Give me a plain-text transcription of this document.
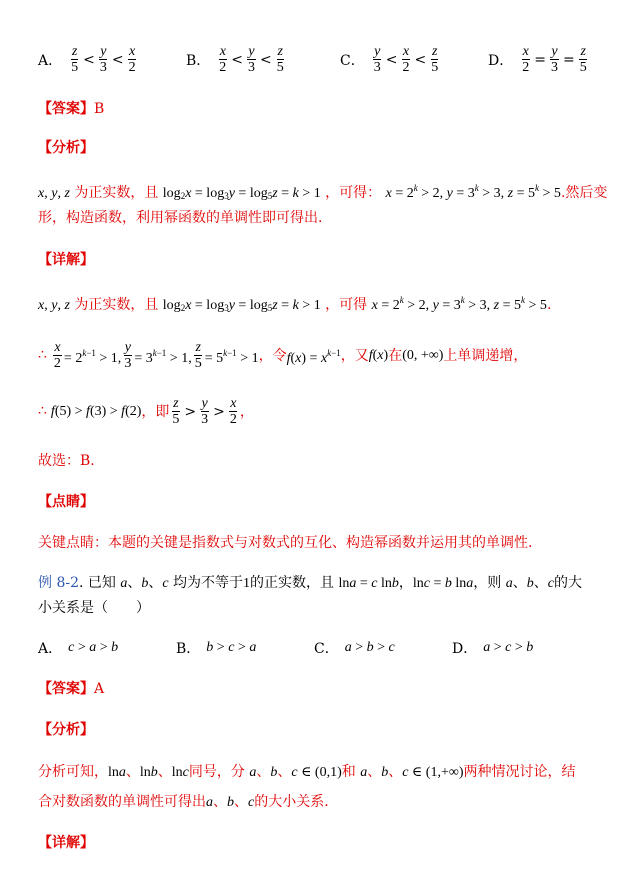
A． $\frac{z}{5} < \frac{y}{3} < \frac{x}{2}$	B． $\frac{x}{2} < \frac{y}{3} < \frac{z}{5}$	C． $\frac{y}{3} < \frac{x}{2} < \frac{z}{5}$	D． $\frac{x}{2} = \frac{y}{3} = \frac{z}{5}$
【答案】B
【分析】
x, y, z 为正实数，且 $\log_2x = \log_3y = \log_5z = k > 1$ ，可得： $x = 2^k > 2$, $y = 3^k > 3$, $z = 5^k > 5$.然后变
形，构造函数，利用幂函数的单调性即可得出.
【详解】
x, y, z 为正实数，且 $\log_2x = \log_3y = \log_5z = k > 1$ ，可得 $x = 2^k > 2$, $y = 3^k > 3$, $z = 5^k > 5$.
∴ $\frac{x}{2} = 2^{k-1} > 1$, $\frac{y}{3} = 3^{k-1} > 1$, $\frac{z}{5} = 5^{k-1} > 1$ ，令 $f(x) = x^{k-1}$ ，又 f(x) 在 (0, +∞) 上单调递增，
∴ f(5) > f(3) > f(2) ，即 $\frac{z}{5} > \frac{y}{3} > \frac{x}{2}$ ，
故选：B.
【点睛】
关键点睛：本题的关键是指数式与对数式的互化、构造幂函数并运用其的单调性.
例 8-2. 已知 a、b、c 均为不等于1的正实数，且 lna = c lnb，lnc = b lna，则 a、b、c的大
小关系是（　　）
A． c > a > b	B． b > c > a	C． a > b > c	D． a > c > b
【答案】A
【分析】
分析可知，lna、lnb、lnc同号，分 a、b、c ∈ (0,1)和 a、b、c ∈ (1,+∞)两种情况讨论，结
合对数函数的单调性可得出a、b、c的大小关系.
【详解】
